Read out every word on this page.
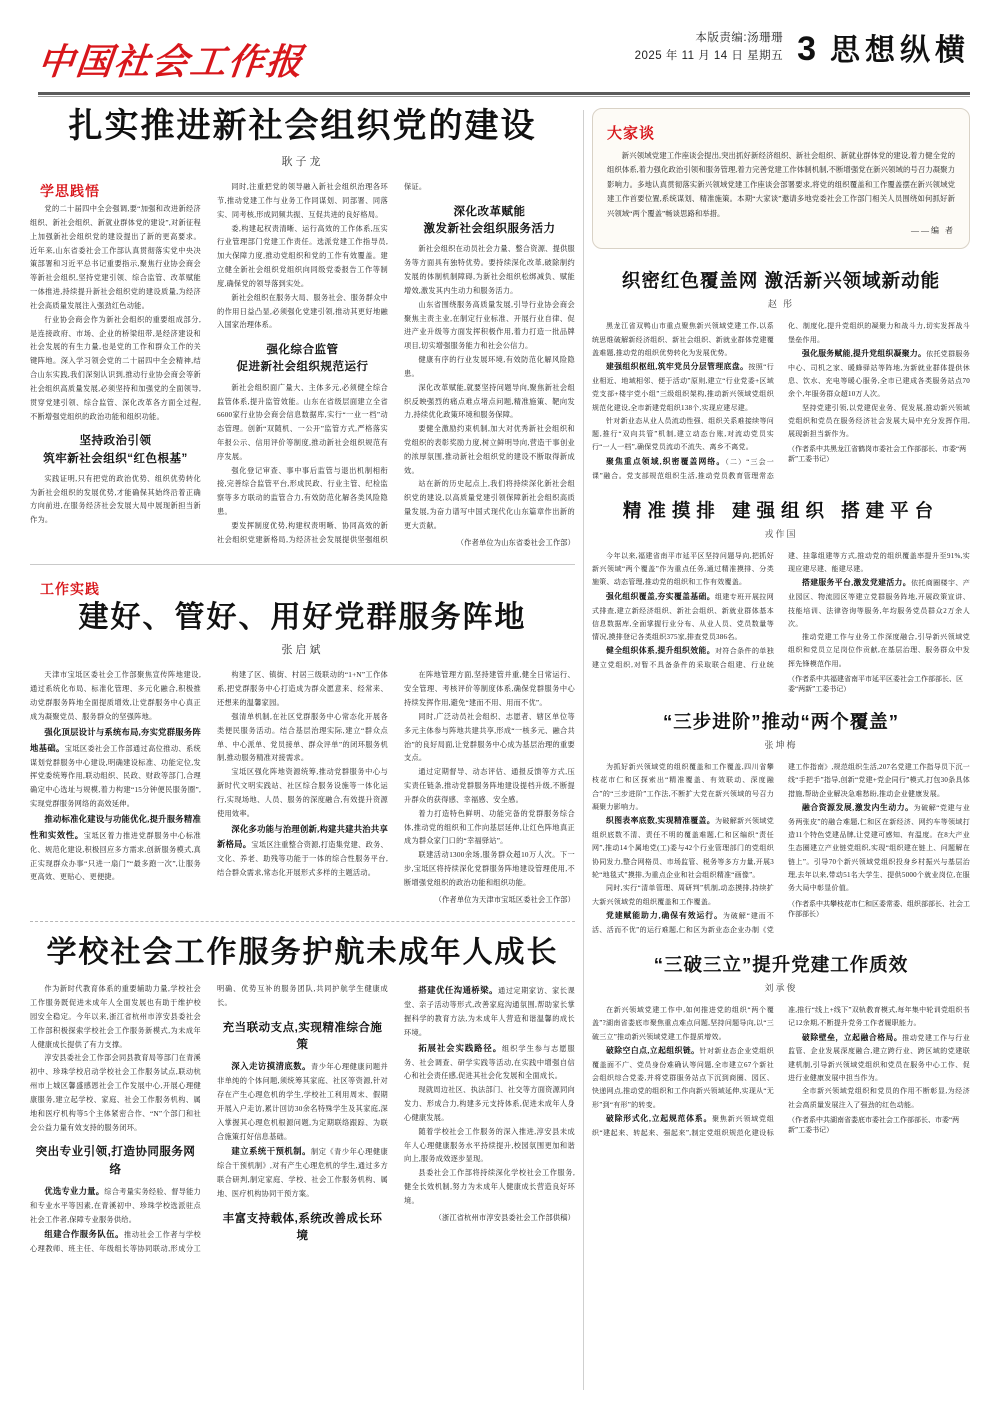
中国社会工作报
本版责编:汤珊珊
2025 年 11 月 14 日 星期五 3 思想纵横
扎实推进新社会组织党的建设
耿子龙
学思践悟

党的二十届四中全会强调,要“加强和改进新经济组织、新社会组织、新就业群体党的建设”,对新征程上加强新社会组织党的建设提出了新的更高要求。近年来,山东省委社会工作部认真贯彻落实党中央决策部署和习近平总书记重要指示,聚焦行业协会商会等新社会组织,坚持党建引领、综合监管、改革赋能一体推进,持续提升新社会组织党的建设质量,为经济社会高质量发展注入强劲红色动能。

行业协会商会作为新社会组织的重要组成部分,是连接政府、市场、企业的桥梁纽带,是经济建设和社会发展的有生力量,也是党的工作和群众工作的关键阵地。深入学习领会党的二十届四中全会精神,结合山东实践,我们深刻认识到,推动行业协会商会等新社会组织高质量发展,必须坚持和加强党的全面领导,贯穿党建引领、综合监管、深化改革各方面全过程,不断增强党组织的政治功能和组织功能。

坚持政治引领
筑牢新社会组织“红色根基”

实践证明,只有把党的政治优势、组织优势转化为新社会组织的发展优势,才能确保其始终沿着正确方向前进,在服务经济社会发展大局中展现新担当新作为。

同时,注重把党的领导融入新社会组织治理各环节,推动党建工作与业务工作同谋划、同部署、同落实、同考核,形成同频共振、互促共进的良好格局。

委,构建起权责清晰、运行高效的工作体系,压实行业管理部门党建工作责任。选派党建工作指导员,加大保障力度,推动党组织和党的工作有效覆盖。建立健全新社会组织党组织向同级党委报告工作等制度,确保党的领导落到实处。

新社会组织在服务大局、服务社会、服务群众中的作用日益凸显,必须强化党建引领,推动其更好地融入国家治理体系。

强化综合监管
促进新社会组织规范运行

新社会组织面广量大、主体多元,必须健全综合监管体系,提升监管效能。山东在省级层面建立全省6600家行业协会商会信息数据库,实行“一业一档”动态管理。创新“双随机、一公开”监管方式,严格落实年报公示、信用评价等制度,推动新社会组织规范有序发展。

强化登记审查、事中事后监管与退出机制相衔接,完善综合监管平台,形成民政、行业主管、纪检监察等多方联动的监管合力,有效防范化解各类风险隐患。

要发挥制度优势,构建权责明晰、协同高效的新社会组织党建新格局,为经济社会发展提供坚强组织保证。

深化改革赋能
激发新社会组织服务活力

新社会组织在动员社会力量、整合资源、提供服务等方面具有独特优势。要持续深化改革,破除制约发展的体制机制障碍,为新社会组织松绑减负、赋能增效,激发其内生动力和服务活力。

山东省围绕服务高质量发展,引导行业协会商会聚焦主责主业,在制定行业标准、开展行业自律、促进产业升级等方面发挥积极作用,着力打造一批品牌项目,切实增强服务能力和社会公信力。

健康有序的行业发展环境,有效防范化解风险隐患。

深化改革赋能,就要坚持问题导向,聚焦新社会组织反映强烈的痛点难点堵点问题,精准施策、靶向发力,持续优化政策环境和服务保障。

要健全激励约束机制,加大对优秀新社会组织和党组织的表彰奖励力度,树立鲜明导向,营造干事创业的浓厚氛围,推动新社会组织党的建设不断取得新成效。

站在新的历史起点上,我们将持续深化新社会组织党的建设,以高质量党建引领保障新社会组织高质量发展,为奋力谱写中国式现代化山东篇章作出新的更大贡献。

（作者单位为山东省委社会工作部）
工作实践
建好、管好、用好党群服务阵地
张启斌

天津市宝坻区委社会工作部聚焦宣传阵地建设,通过系统化布局、标准化管理、多元化融合,积极推动党群服务阵地全面提质增效,让党群服务中心真正成为凝聚党员、服务群众的坚强阵地。

强化顶层设计与系统布局,夯实党群服务阵地基础。宝坻区委社会工作部通过高位推动、系统谋划党群服务中心建设,明确建设标准、功能定位,发挥党委统筹作用,联动组织、民政、财政等部门,合理确定中心选址与规模,着力构建“15分钟便民服务圈”,实现党群服务网络的高效延伸。

推动标准化建设与功能优化,提升服务精准性和实效性。宝坻区着力推进党群服务中心标准化、规范化建设,积极回应多方需求,创新服务模式,真正实现群众办事“只进一扇门”“最多跑一次”,让服务更高效、更贴心、更便捷。

构建了区、镇街、村居三级联动的“1+N”工作体系,把党群服务中心打造成为群众愿意来、经常来、还想来的温馨家园。

强清单机制,在社区党群服务中心常态化开展各类便民服务活动。结合基层治理实际,建立“群众点单、中心派单、党员接单、群众评单”的闭环服务机制,推动服务精准对接需求。

宝坻区强化阵地资源统筹,推动党群服务中心与新时代文明实践站、社区综合服务设施等一体化运行,实现场地、人员、服务的深度融合,有效提升资源使用效率。

深化多功能与治理创新,构建共建共治共享新格局。宝坻区注重整合资源,打造集党建、政务、文化、养老、助残等功能于一体的综合性服务平台,结合群众需求,常态化开展形式多样的主题活动。

在阵地管理方面,坚持建管并重,健全日常运行、安全管理、考核评价等制度体系,确保党群服务中心持续发挥作用,避免“建而不用、用而不优”。

同时,广泛动员社会组织、志愿者、辖区单位等多元主体参与阵地共建共享,形成“一核多元、融合共治”的良好局面,让党群服务中心成为基层治理的重要支点。

通过定期督导、动态评估、通报反馈等方式,压实责任链条,推动党群服务阵地建设提档升级,不断提升群众的获得感、幸福感、安全感。

着力打造特色鲜明、功能完备的党群服务综合体,推动党的组织和工作向基层延伸,让红色阵地真正成为群众家门口的“幸福驿站”。

联建活动1300余场,服务群众超10万人次。下一步,宝坻区将持续深化党群服务阵地建设管理使用,不断增强党组织的政治功能和组织功能。

（作者单位为天津市宝坻区委社会工作部）
学校社会工作服务护航未成年人成长

作为新时代教育体系的重要辅助力量,学校社会工作服务既促进未成年人全面发展也有助于维护校园安全稳定。今年以来,浙江省杭州市淳安县委社会工作部积极探索学校社会工作服务新模式,为未成年人健康成长提供了有力支撑。

淳安县委社会工作部会同县教育局等部门在青溪初中、珍珠学校启动学校社会工作服务试点,联动杭州市上城区馨盛感恩社会工作发展中心,开展心理健康服务,建立起学校、家庭、社会工作服务机构、属地和医疗机构等5个主体紧密合作、“N”个部门和社会公益力量有效支持的服务闭环。

突出专业引领,打造协同服务网络

优选专业力量。综合考量实务经验、督导能力和专业水平等因素,在青溪初中、珍珠学校选派驻点社会工作者,保障专业服务供给。

组建合作服务队伍。推动社会工作者与学校心理教师、班主任、年级组长等协同联动,形成分工明确、优势互补的服务团队,共同护航学生健康成长。

充当联动支点,实现精准综合施策

深入走访摸清底数。青少年心理健康问题并非单纯的个体问题,须统筹其家庭、社区等资源,针对存在产生心理危机的学生,学校社工利用周末、假期开展入户走访,累计回访30余名特殊学生及其家庭,深入掌握其心理危机根源问题,为定期联络跟踪、为联合施策打好信息基础。

建立系统干预机制。制定《青少年心理健康综合干预机制》,对有产生心理危机的学生,通过多方联合研判,制定家庭、学校、社会工作服务机构、属地、医疗机构协同干预方案。

丰富支持载体,系统改善成长环境

搭建优任沟通桥梁。通过定期家访、家长课堂、亲子活动等形式,改善家庭沟通氛围,帮助家长掌握科学的教育方法,为未成年人营造和谐温馨的成长环境。

拓展社会实践路径。组织学生参与志愿服务、社会调查、研学实践等活动,在实践中增强自信心和社会责任感,促进其社会化发展和全面成长。

现就周边社区、执法部门、社交等方面资源同向发力、形成合力,构建多元支持体系,促进未成年人身心健康发展。

随着学校社会工作服务的深入推进,淳安县未成年人心理健康服务水平持续提升,校园氛围更加和谐向上,服务成效逐步显现。

县委社会工作部将持续深化学校社会工作服务,健全长效机制,努力为未成年人健康成长营造良好环境。

（浙江省杭州市淳安县委社会工作部供稿）
大家谈

新兴领域党建工作座谈会提出,突出抓好新经济组织、新社会组织、新就业群体党的建设,着力健全党的组织体系,着力强化政治引领和服务管理,着力完善党建工作体制机制,不断增强党在新兴领域的号召力凝聚力影响力。多地认真贯彻落实新兴领域党建工作座谈会部署要求,将党的组织覆盖和工作覆盖摆在新兴领域党建工作首要位置,系统谋划、精准施策。本期“大家谈”邀请多地党委社会工作部门相关人员围绕如何抓好新兴领域“两个覆盖”畅谈思路和举措。

——编 者
织密红色覆盖网 激活新兴领域新动能
赵 彤

黑龙江省双鸭山市重点聚焦新兴领域党建工作,以系统思维破解新经济组织、新社会组织、新就业群体党建覆盖难题,推动党的组织优势转化为发展优势。

建强组织枢纽,筑牢党员分层管理底盘。按照“行业相近、地域相邻、便于活动”原则,建立“行业党委+区域党支部+楼宇党小组”三级组织架构,推动新兴领域党组织规范化建设,全市新建党组织138个,实现应建尽建。

针对新业态从业人员流动性强、组织关系难接续等问题,推行“双向共管”机制,建立动态台账,对流动党员实行“一人一档”,确保党员流动不流失、离乡不离党。

聚焦重点领域,织密覆盖网络。（二）“三会一课”融合。党支部规范组织生活,推动党员教育管理常态化、制度化,提升党组织的凝聚力和战斗力,切实发挥战斗堡垒作用。

强化服务赋能,提升党组织凝聚力。依托党群服务中心、司机之家、暖蜂驿站等阵地,为新就业群体提供休息、饮水、充电等暖心服务,全市已建成各类服务站点70余个,年服务群众超10万人次。

坚持党建引领,以党建促业务、促发展,推动新兴领域党组织和党员在服务经济社会发展大局中充分发挥作用,展现新担当新作为。

（作者系中共黑龙江省鹤岗市委社会工作部部长、市委“两新”工委书记）
精准摸排 建强组织 搭建平台
戎作国

今年以来,福建省南平市延平区坚持问题导向,把抓好新兴领域“两个覆盖”作为重点任务,通过精准摸排、分类施策、动态管理,推动党的组织和工作有效覆盖。

强化组织覆盖,夯实覆盖基础。组建专班开展拉网式排查,建立新经济组织、新社会组织、新就业群体基本信息数据库,全面掌握行业分布、从业人员、党员数量等情况,摸排登记各类组织375家,排查党员386名。

健全组织体系,提升组织效能。对符合条件的单独建立党组织,对暂不具备条件的采取联合组建、行业统建、挂靠组建等方式,推动党的组织覆盖率提升至91%,实现应建尽建、能建尽建。

搭建服务平台,激发党建活力。依托商圈楼宇、产业园区、物流园区等建立党群服务阵地,开展政策宣讲、技能培训、法律咨询等服务,年均服务党员群众2万余人次。

推动党建工作与业务工作深度融合,引导新兴领域党组织和党员立足岗位作贡献,在基层治理、服务群众中发挥先锋模范作用。

（作者系中共福建省南平市延平区委社会工作部部长、区委“两新”工委书记）
“三步进阶”推动“两个覆盖”
张坤梅

为抓好新兴领域党的组织覆盖和工作覆盖,四川省攀枝花市仁和区探索出“精准覆盖、有效联动、深度融合”的“三步进阶”工作法,不断扩大党在新兴领域的号召力凝聚力影响力。

织图表率底数,实现精准覆盖。为破解新兴领域党组织底数不清、责任不明的覆盖难题,仁和区编织“责任网”,推动14个属地党(工)委与42个行业管理部门的党组织协同发力,整合网格员、市场监管、税务等多方力量,开展3轮“地毯式”摸排,为重点企业和社会组织精准“画像”。

同时,实行“清单管理、周研判”机制,动态摸排,持续扩大新兴领域党的组织覆盖和工作覆盖。

党建赋能助力,确保有效运行。为破解“建而不活、活而不优”的运行难题,仁和区为新业态企业办制《党建工作指南》,规范组织生活,207名党建工作指导员下沉一线“手把手”指导,创新“党建+党企同行”模式,打包30条具体措施,帮助企业解决急难愁盼,推动企业健康发展。

融合资源发展,激发内生动力。为破解“党建与业务两张皮”的融合难题,仁和区在新经济、网约车等领域打造11个特色党建品牌,让党建可感知、有温度。在8大产业生态圈建立产业链党组织,实现“组织建在链上、问题解在链上”。引导70个新兴领域党组织投身乡村振兴与基层治理,去年以来,带动51名大学生、提供5000个就业岗位,在服务大局中彰显价值。

（作者系中共攀枝花市仁和区委常委、组织部部长、社会工作部部长）
“三破三立”提升党建工作质效
刘承俊

在新兴领域党建工作中,如何推进党的组织“两个覆盖”?湖南省娄底市聚焦重点难点问题,坚持问题导向,以“三破三立”推动新兴领域党建工作提质增效。

破除空白点,立起组织链。针对新业态企业党组织覆盖面不广、党员身份难确认等问题,全市建立67个新社会组织综合党委,并将党群服务站点下沉到商圈、园区、快递网点,推动党的组织和工作向新兴领域延伸,实现从“无形”到“有形”的转变。

破除形式化,立起规范体系。聚焦新兴领域党组织“建起来、转起来、强起来”,制定党组织规范化建设标准,推行“线上+线下”双轨教育模式,每年集中轮训党组织书记12余期,不断提升党务工作者履职能力。

破除壁垒，立起融合格局。推动党建工作与行业监管、企业发展深度融合,建立跨行业、跨区域的党建联建机制,引导新兴领域党组织和党员在服务中心工作、促进行业健康发展中担当作为。

全市新兴领域党组织和党员的作用不断彰显,为经济社会高质量发展注入了强劲的红色动能。

（作者系中共湖南省娄底市委社会工作部部长、市委“两新”工委书记）
